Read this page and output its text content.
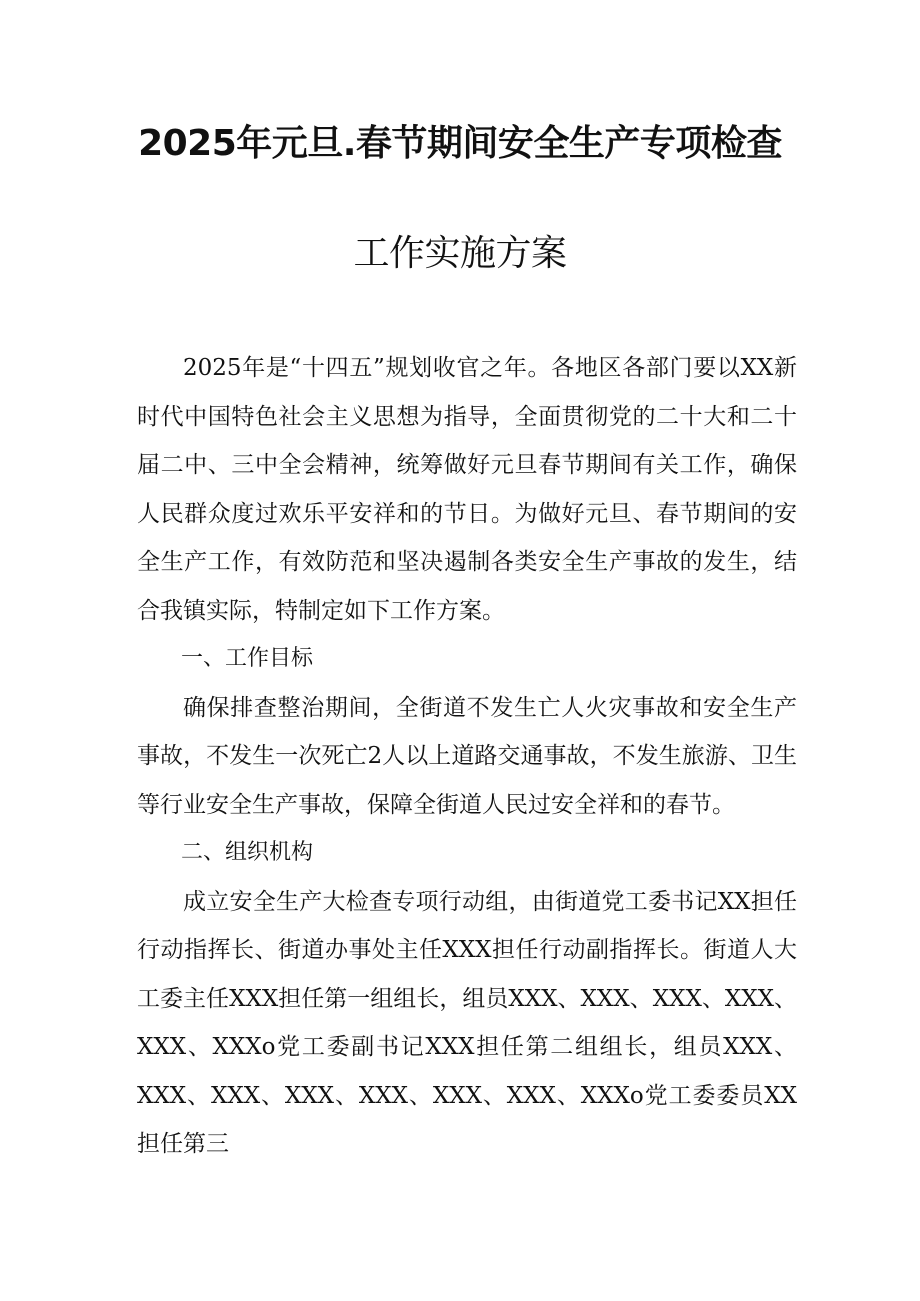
2025年元旦.春节期间安全生产专项检查
工作实施方案

2025年是“十四五”规划收官之年。各地区各部门要以XX新时代中国特色社会主义思想为指导，全面贯彻党的二十大和二十届二中、三中全会精神，统筹做好元旦春节期间有关工作，确保人民群众度过欢乐平安祥和的节日。为做好元旦、春节期间的安全生产工作，有效防范和坚决遏制各类安全生产事故的发生，结合我镇实际，特制定如下工作方案。

一、工作目标

确保排查整治期间，全街道不发生亡人火灾事故和安全生产事故，不发生一次死亡2人以上道路交通事故，不发生旅游、卫生等行业安全生产事故，保障全街道人民过安全祥和的春节。

二、组织机构

成立安全生产大检查专项行动组，由街道党工委书记XX担任行动指挥长、街道办事处主任XXX担任行动副指挥长。街道人大工委主任XXX担任第一组组长，组员XXX、XXX、XXX、XXX、XXX、XXXo党工委副书记XXX担任第二组组长，组员XXX、XXX、XXX、XXX、XXX、XXX、XXX、XXXo党工委委员XX担任第三
